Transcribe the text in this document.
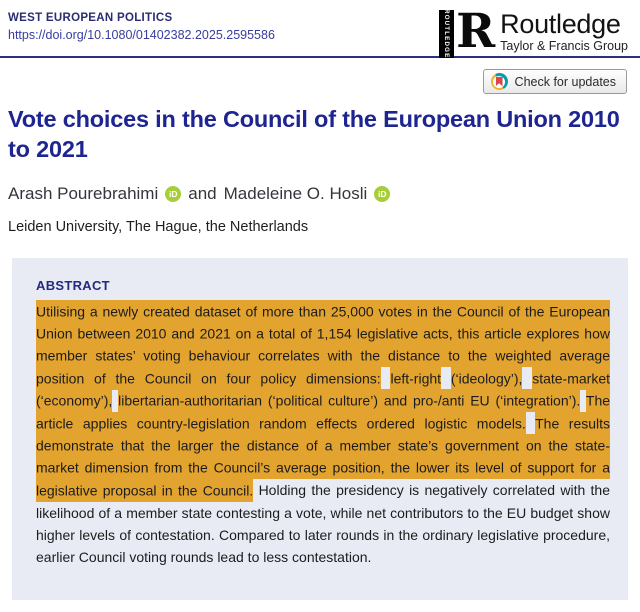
WEST EUROPEAN POLITICS
https://doi.org/10.1080/01402382.2025.2595586	ROUTLEDGE R Routledge
Taylor & Francis Group
Check for updates
Vote choices in the Council of the European Union 2010 to 2021
Arash Pourebrahimi iD and Madeleine O. Hosli iD
Leiden University, The Hague, the Netherlands
ABSTRACT

Utilising a newly created dataset of more than 25,000 votes in the Council of the European Union between 2010 and 2021 on a total of 1,154 legislative acts, this article explores how member states’ voting behaviour correlates with the distance to the weighted average position of the Council on four policy dimensions: left-right (‘ideology’), state-market (‘economy’), libertarian-authoritarian (‘political culture’) and pro-/anti EU (‘integration’). The article applies country-legislation random effects ordered logistic models. The results demonstrate that the larger the distance of a member state’s government on the state-market dimension from the Council’s average position, the lower its level of support for a legislative proposal in the Council. Holding the presidency is negatively correlated with the likelihood of a member state contesting a vote, while net contributors to the EU budget show higher levels of contestation. Compared to later rounds in the ordinary legislative procedure, earlier Council voting rounds lead to less contestation.
